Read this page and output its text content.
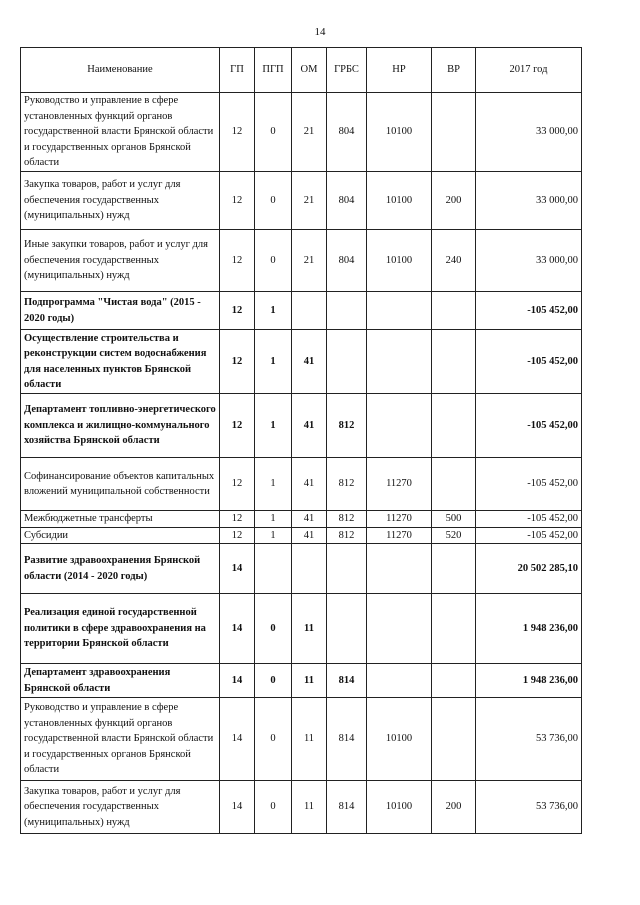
14
Наименование	ГП	ПГП	ОМ	ГРБС	НР	ВР	2017 год
Руководство и управление в сфере установленных функций органов государственной власти Брянской области и государственных органов Брянской области	12	0	21	804	10100		33 000,00
Закупка товаров, работ и услуг для обеспечения государственных (муниципальных) нужд	12	0	21	804	10100	200	33 000,00
Иные закупки товаров, работ и услуг для обеспечения государственных (муниципальных) нужд	12	0	21	804	10100	240	33 000,00
Подпрограмма "Чистая вода" (2015 - 2020 годы)	12	1					-105 452,00
Осуществление строительства и реконструкции систем водоснабжения для населенных пунктов Брянской области	12	1	41				-105 452,00
Департамент топливно-энергетического комплекса и жилищно-коммунального хозяйства Брянской области	12	1	41	812			-105 452,00
Софинансирование объектов капитальных вложений муниципальной собственности	12	1	41	812	11270		-105 452,00
Межбюджетные трансферты	12	1	41	812	11270	500	-105 452,00
Субсидии	12	1	41	812	11270	520	-105 452,00
Развитие здравоохранения Брянской области (2014 - 2020 годы)	14						20 502 285,10
Реализация единой государственной политики в сфере здравоохранения на территории Брянской области	14	0	11				1 948 236,00
Департамент здравоохранения Брянской области	14	0	11	814			1 948 236,00
Руководство и управление в сфере установленных функций органов государственной власти Брянской области и государственных органов Брянской области	14	0	11	814	10100		53 736,00
Закупка товаров, работ и услуг для обеспечения государственных (муниципальных) нужд	14	0	11	814	10100	200	53 736,00
